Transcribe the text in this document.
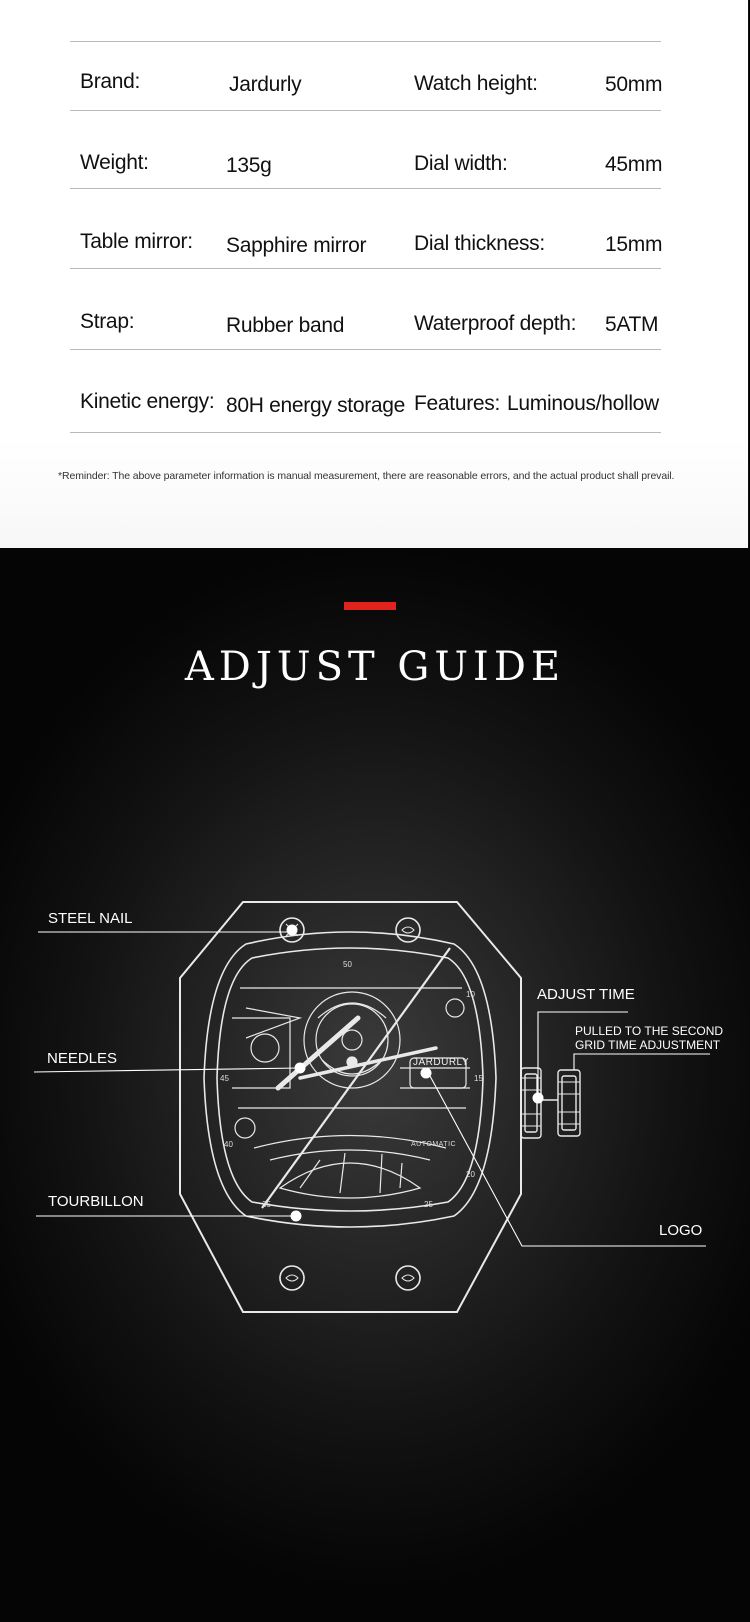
Brand:	Jardurly	Watch height:	50mm
Weight:	135g	Dial width:	45mm
Table mirror: Sapphire mirror Dial thickness:	15mm
Strap:	Rubber band	Waterproof depth: 5ATM
Kinetic energy: 80H energy storage Features: Luminous/hollow
*Reminder: The above parameter information is manual measurement, there are reasonable errors, and the actual product shall prevail.
ADJUST GUIDE
JARDURLY
AUTOMATIC
50
10
45	15
40
20
35	25
STEEL NAIL
NEEDLES
TOURBILLON
ADJUST TIME
PULLED TO THE SECOND
GRID TIME ADJUSTMENT
LOGO
